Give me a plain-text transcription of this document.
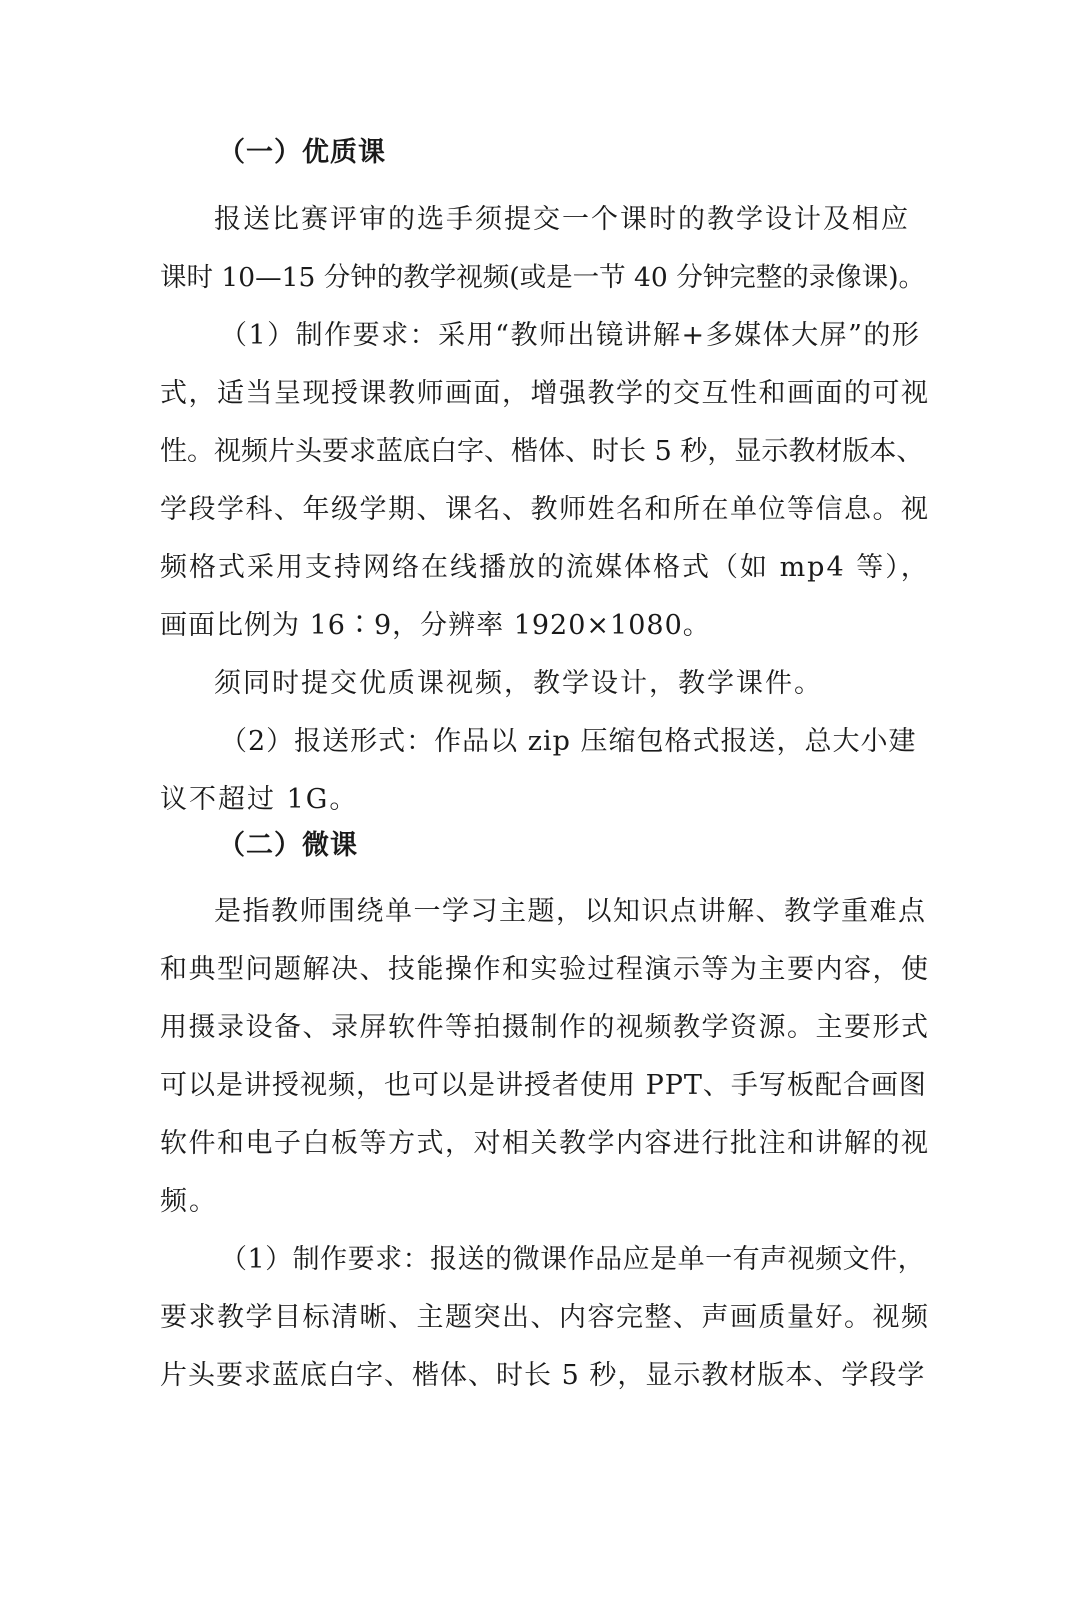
（一）优质课
报送比赛评审的选手须提交一个课时的教学设计及相应
课时 10—15 分钟的教学视频(或是一节 40 分钟完整的录像课)。
（1）制作要求：采用“教师出镜讲解+多媒体大屏”的形
式，适当呈现授课教师画面，增强教学的交互性和画面的可视
性。视频片头要求蓝底白字、楷体、时长 5 秒，显示教材版本、
学段学科、年级学期、课名、教师姓名和所在单位等信息。视
频格式采用支持网络在线播放的流媒体格式（如 mp4 等），
画面比例为 16∶9，分辨率 1920×1080。
须同时提交优质课视频，教学设计，教学课件。
（2）报送形式：作品以 zip 压缩包格式报送，总大小建
议不超过 1G。
（二）微课
是指教师围绕单一学习主题，以知识点讲解、教学重难点
和典型问题解决、技能操作和实验过程演示等为主要内容，使
用摄录设备、录屏软件等拍摄制作的视频教学资源。主要形式
可以是讲授视频，也可以是讲授者使用 PPT、手写板配合画图
软件和电子白板等方式，对相关教学内容进行批注和讲解的视
频。
（1）制作要求：报送的微课作品应是单一有声视频文件，
要求教学目标清晰、主题突出、内容完整、声画质量好。视频
片头要求蓝底白字、楷体、时长 5 秒，显示教材版本、学段学
